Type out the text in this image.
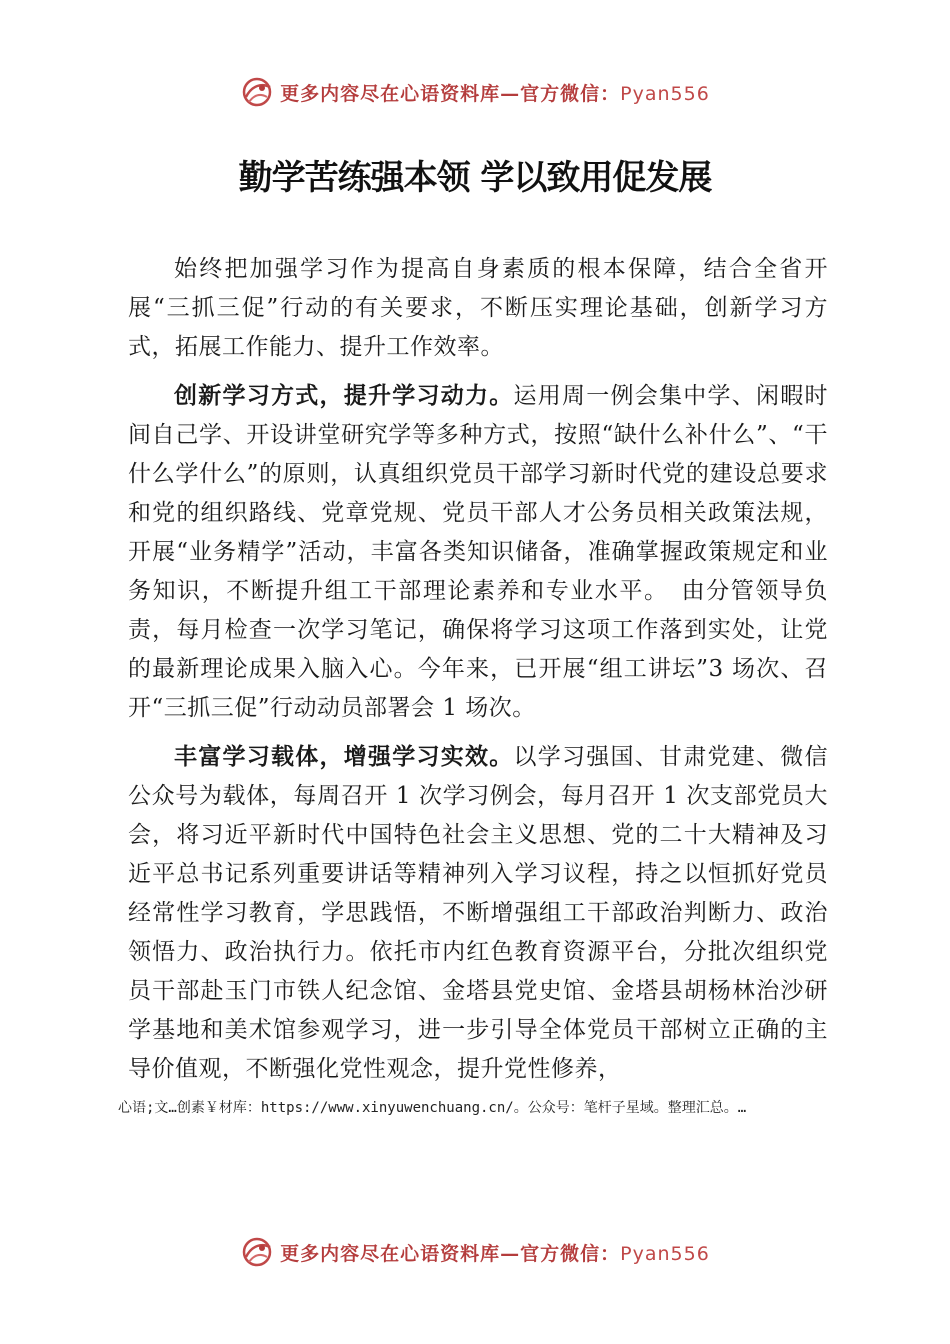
更多内容尽在心语资料库—官方微信：Pyan556
勤学苦练强本领 学以致用促发展

始终把加强学习作为提高自身素质的根本保障，结合全省开展“三抓三促”行动的有关要求，不断压实理论基础，创新学习方式，拓展工作能力、提升工作效率。

创新学习方式，提升学习动力。运用周一例会集中学、闲暇时间自己学、开设讲堂研究学等多种方式，按照“缺什么补什么”、“干什么学什么”的原则，认真组织党员干部学习新时代党的建设总要求和党的组织路线、党章党规、党员干部人才公务员相关政策法规，开展“业务精学”活动，丰富各类知识储备，准确掌握政策规定和业务知识，不断提升组工干部理论素养和专业水平。　由分管领导负责，每月检查一次学习笔记，确保将学习这项工作落到实处，让党的最新理论成果入脑入心。今年来，已开展“组工讲坛”3 场次、召开“三抓三促”行动动员部署会 1 场次。

丰富学习载体，增强学习实效。以学习强国、甘肃党建、微信公众号为载体，每周召开 1 次学习例会，每月召开 1 次支部党员大会，将习近平新时代中国特色社会主义思想、党的二十大精神及习近平总书记系列重要讲话等精神列入学习议程，持之以恒抓好党员经常性学习教育，学思践悟，不断增强组工干部政治判断力、政治领悟力、政治执行力。依托市内红色教育资源平台，分批次组织党员干部赴玉门市铁人纪念馆、金塔县党史馆、金塔县胡杨林治沙研学基地和美术馆参观学习，进一步引导全体党员干部树立正确的主导价值观，不断强化党性观念，提升党性修养，

心语;文…创素￥材库：https://www.xinyuwenchuang.cn/。公众号：笔杆子星域。整理汇总。…
更多内容尽在心语资料库—官方微信：Pyan556
